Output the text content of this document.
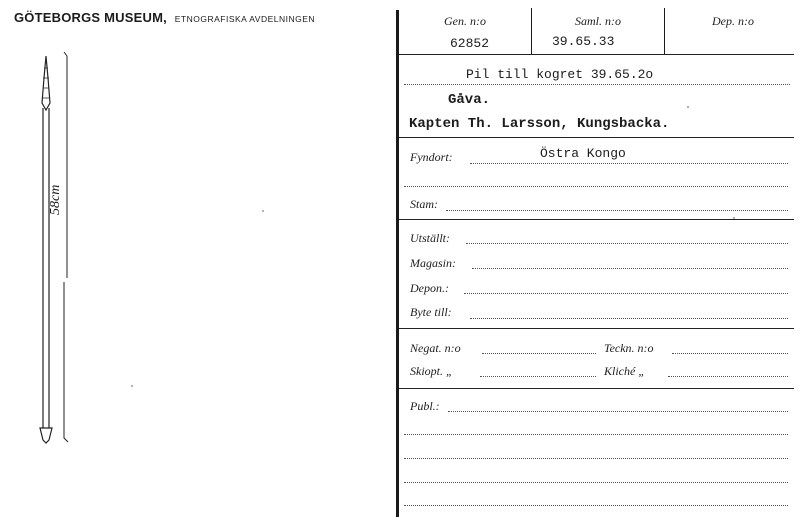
GÖTEBORGS MUSEUM, ETNOGRAFISKA AVDELNINGEN
58cm
Gen. n:o
62852
Saml. n:o
39.65.33
Dep. n:o
Pil till kogret 39.65.2o
Gåva.
Kapten Th. Larsson, Kungsbacka.
Fyndort:	Östra Kongo
Stam:
Utställt:
Magasin:
Depon.:
Byte till:
Negat. n:o	Teckn. n:o
Skiopt. „	Kliché „
Publ.:
